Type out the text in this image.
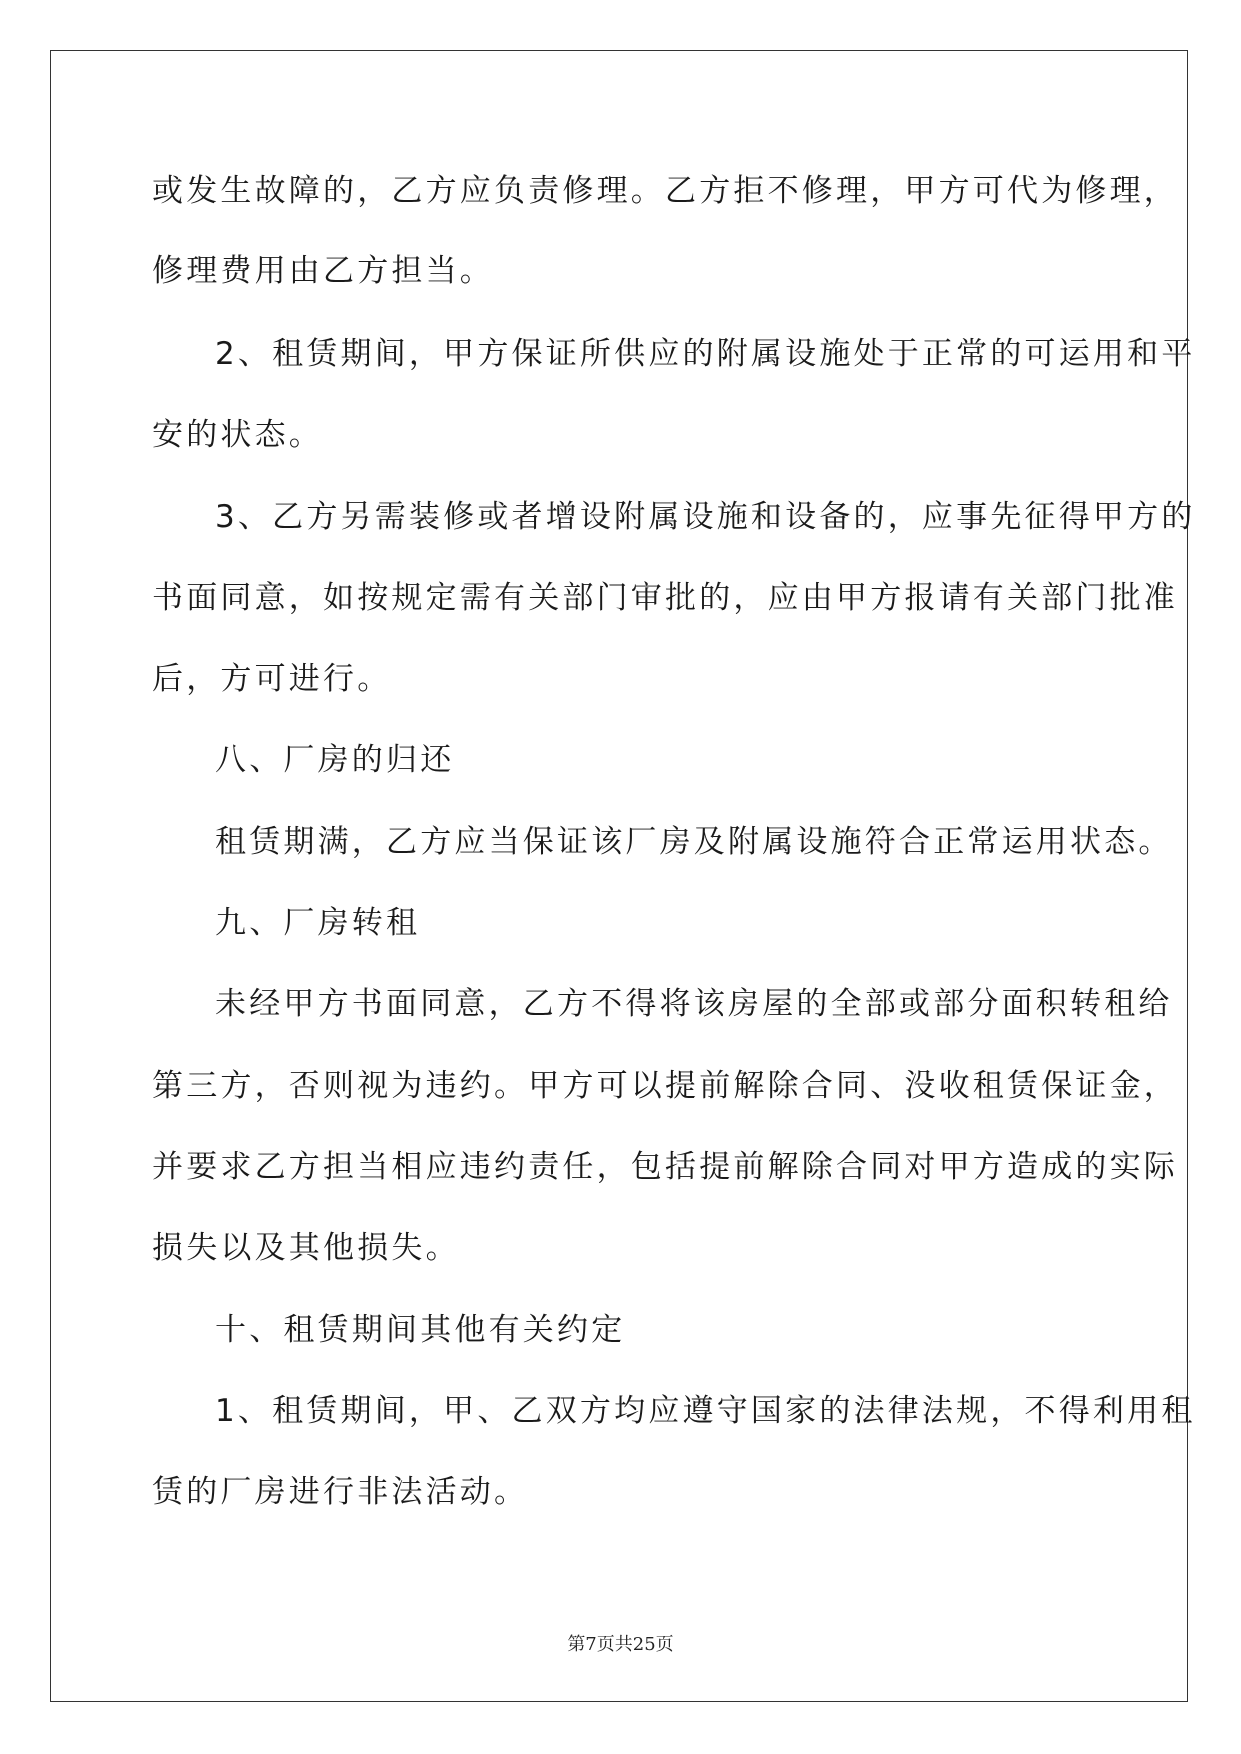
或发生故障的，乙方应负责修理。乙方拒不修理，甲方可代为修理，

修理费用由乙方担当。

2、租赁期间，甲方保证所供应的附属设施处于正常的可运用和平

安的状态。

3、乙方另需装修或者增设附属设施和设备的，应事先征得甲方的

书面同意，如按规定需有关部门审批的，应由甲方报请有关部门批准

后，方可进行。

八、厂房的归还

租赁期满，乙方应当保证该厂房及附属设施符合正常运用状态。

九、厂房转租

未经甲方书面同意，乙方不得将该房屋的全部或部分面积转租给

第三方，否则视为违约。甲方可以提前解除合同、没收租赁保证金，

并要求乙方担当相应违约责任，包括提前解除合同对甲方造成的实际

损失以及其他损失。

十、租赁期间其他有关约定

1、租赁期间，甲、乙双方均应遵守国家的法律法规，不得利用租

赁的厂房进行非法活动。

第7页共25页
